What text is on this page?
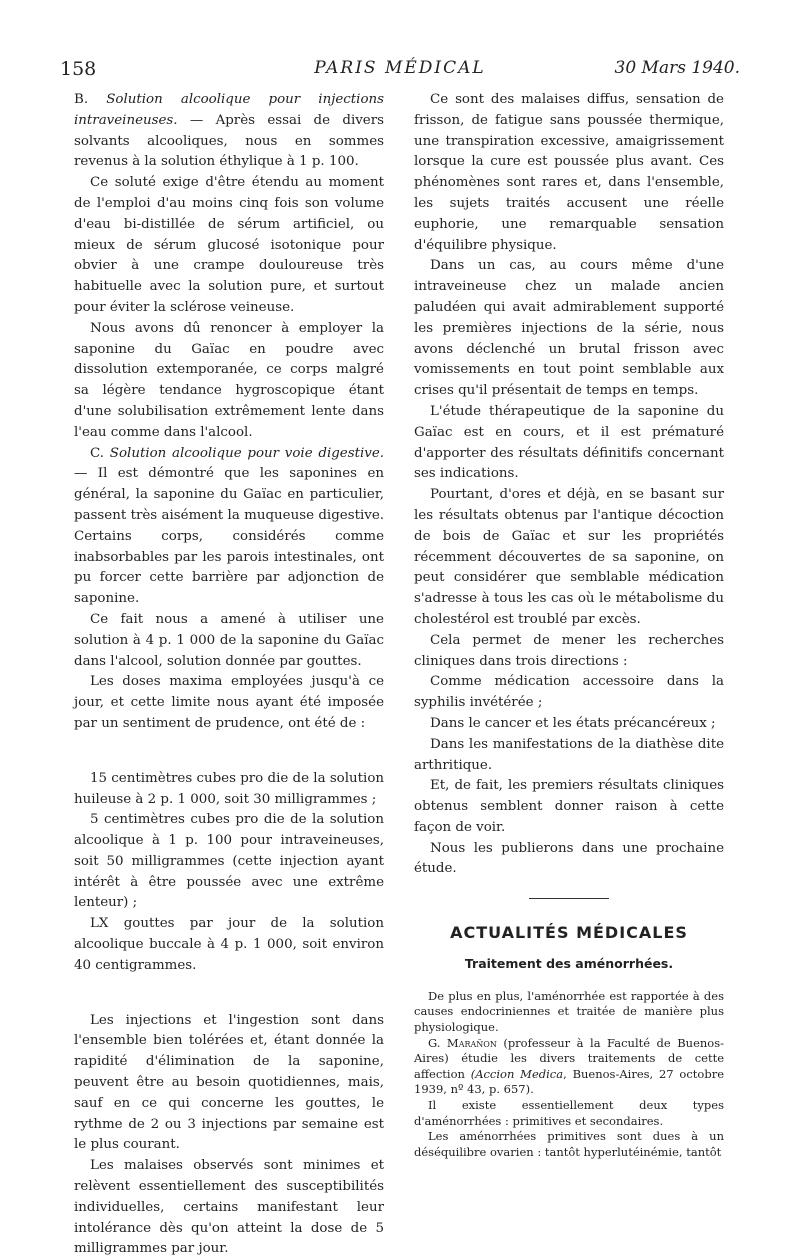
158	PARIS MÉDICAL	30 Mars 1940.

B. Solution alcoolique pour injections intraveineuses. — Après essai de divers solvants alcooliques, nous en sommes revenus à la solution éthylique à 1 p. 100.

Ce soluté exige d'être étendu au moment de l'emploi d'au moins cinq fois son volume d'eau bi-distillée de sérum artificiel, ou mieux de sérum glucosé isotonique pour obvier à une crampe douloureuse très habituelle avec la solution pure, et surtout pour éviter la sclérose veineuse.

Nous avons dû renoncer à employer la saponine du Gaïac en poudre avec dissolution extemporanée, ce corps malgré sa légère tendance hygroscopique étant d'une solubilisation extrêmement lente dans l'eau comme dans l'alcool.

C. Solution alcoolique pour voie digestive. — Il est démontré que les saponines en général, la saponine du Gaïac en particulier, passent très aisément la muqueuse digestive. Certains corps, considérés comme inabsorbables par les parois intestinales, ont pu forcer cette barrière par adjonction de saponine.

Ce fait nous a amené à utiliser une solution à 4 p. 1 000 de la saponine du Gaïac dans l'alcool, solution donnée par gouttes.

Les doses maxima employées jusqu'à ce jour, et cette limite nous ayant été imposée par un sentiment de prudence, ont été de :

15 centimètres cubes pro die de la solution huileuse à 2 p. 1 000, soit 30 milligrammes ;

5 centimètres cubes pro die de la solution alcoolique à 1 p. 100 pour intraveineuses, soit 50 milligrammes (cette injection ayant intérêt à être poussée avec une extrême lenteur) ;

LX gouttes par jour de la solution alcoolique buccale à 4 p. 1 000, soit environ 40 centigrammes.

Les injections et l'ingestion sont dans l'ensemble bien tolérées et, étant donnée la rapidité d'élimination de la saponine, peuvent être au besoin quotidiennes, mais, sauf en ce qui concerne les gouttes, le rythme de 2 ou 3 injections par semaine est le plus courant.

Les malaises observés sont minimes et relèvent essentiellement des susceptibilités individuelles, certains manifestant leur intolérance dès qu'on atteint la dose de 5 milligrammes par jour.

Ce sont des malaises diffus, sensation de frisson, de fatigue sans poussée thermique, une transpiration excessive, amaigrissement lorsque la cure est poussée plus avant. Ces phénomènes sont rares et, dans l'ensemble, les sujets traités accusent une réelle euphorie, une remarquable sensation d'équilibre physique.

Dans un cas, au cours même d'une intraveineuse chez un malade ancien paludéen qui avait admirablement supporté les premières injections de la série, nous avons déclenché un brutal frisson avec vomissements en tout point semblable aux crises qu'il présentait de temps en temps.

L'étude thérapeutique de la saponine du Gaïac est en cours, et il est prématuré d'apporter des résultats définitifs concernant ses indications.

Pourtant, d'ores et déjà, en se basant sur les résultats obtenus par l'antique décoction de bois de Gaïac et sur les propriétés récemment découvertes de sa saponine, on peut considérer que semblable médication s'adresse à tous les cas où le métabolisme du cholestérol est troublé par excès.

Cela permet de mener les recherches cliniques dans trois directions :

Comme médication accessoire dans la syphilis invétérée ;

Dans le cancer et les états précancéreux ;

Dans les manifestations de la diathèse dite arthritique.

Et, de fait, les premiers résultats cliniques obtenus semblent donner raison à cette façon de voir.

Nous les publierons dans une prochaine étude.

ACTUALITÉS MÉDICALES
Traitement des aménorrhées.

De plus en plus, l'aménorrhée est rapportée à des causes endocriniennes et traitée de manière plus physiologique.

G. Marañon (professeur à la Faculté de Buenos-Aires) étudie les divers traitements de cette affection (Accion Medica, Buenos-Aires, 27 octobre 1939, nº 43, p. 657).

Il existe essentiellement deux types d'aménorrhées : primitives et secondaires.

Les aménorrhées primitives sont dues à un déséquilibre ovarien : tantôt hyperlutéinémie, tantôt
